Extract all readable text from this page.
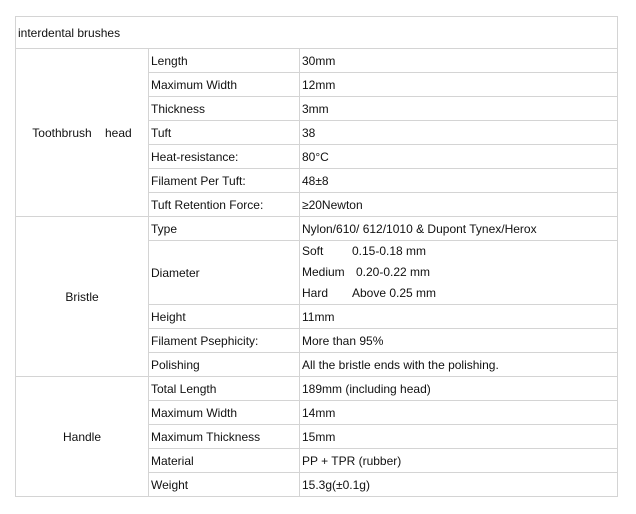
interdental brushes		
Toothbrush    head	Length	30mm
	Maximum Width	12mm
	Thickness	3mm
	Tuft	38
	Heat-resistance:	80°C
	Filament Per Tuft:	48±8
	Tuft Retention Force:	≥20Newton
Bristle	Type	Nylon/610/ 612/1010 & Dupont Tynex/Herox
	Diameter	Soft 0.15-0.18 mm
Medium 0.20-0.22 mm
Hard Above 0.25 mm

	Height	11mm
	Filament Psephicity:	More than 95%
	Polishing	All the bristle ends with the polishing.
Handle	Total Length	189mm (including head)
	Maximum Width	14mm
	Maximum Thickness	15mm
	Material	PP + TPR (rubber)
	Weight	15.3g(±0.1g)
